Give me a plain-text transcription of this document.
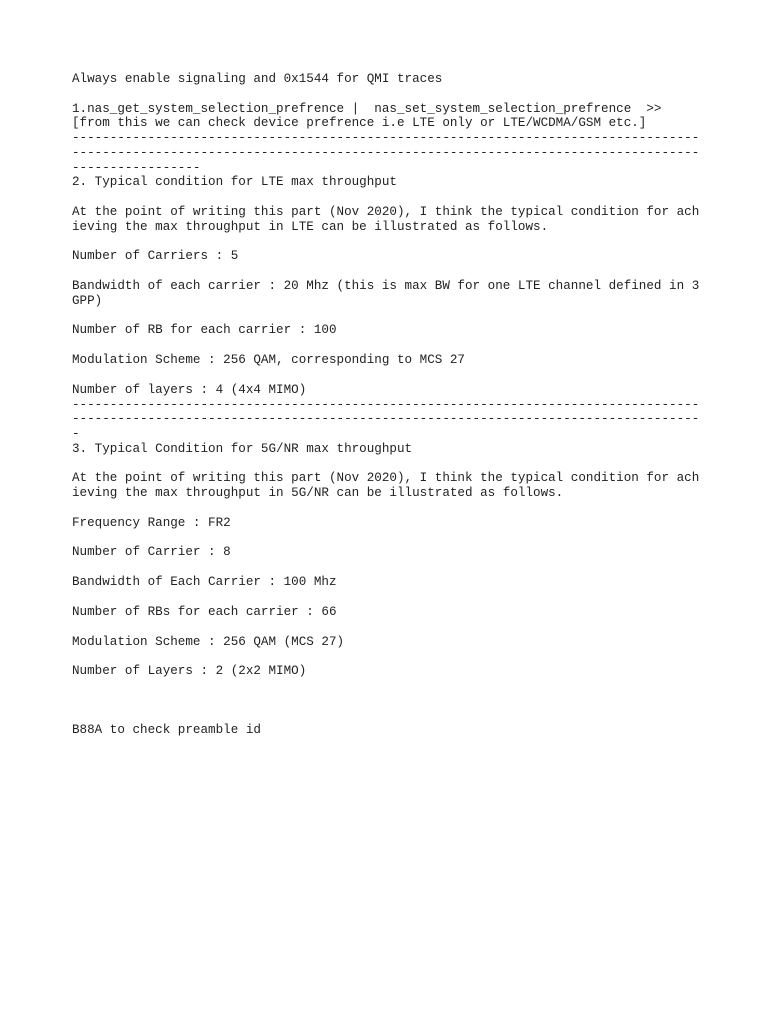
Always enable signaling and 0x1544 for QMI traces

1.nas_get_system_selection_prefrence |  nas_set_system_selection_prefrence  >>

[from this we can check device prefrence i.e LTE only or LTE/WCDMA/GSM etc.]

---------------------------------------------------------------------------------------------------------------------------------------------------------------------------------------

2. Typical condition for LTE max throughput

At the point of writing this part (Nov 2020), I think the typical condition for achieving the max throughput in LTE can be illustrated as follows.

Number of Carriers : 5

Bandwidth of each carrier : 20 Mhz (this is max BW for one LTE channel defined in 3GPP)

Number of RB for each carrier : 100

Modulation Scheme : 256 QAM, corresponding to MCS 27

Number of layers : 4 (4x4 MIMO)

-----------------------------------------------------------------------------------------------------------------------------------------------------------------------

3. Typical Condition for 5G/NR max throughput

At the point of writing this part (Nov 2020), I think the typical condition for achieving the max throughput in 5G/NR can be illustrated as follows.

Frequency Range : FR2

Number of Carrier : 8

Bandwidth of Each Carrier : 100 Mhz

Number of RBs for each carrier : 66

Modulation Scheme : 256 QAM (MCS 27)

Number of Layers : 2 (2x2 MIMO)

B88A to check preamble id
